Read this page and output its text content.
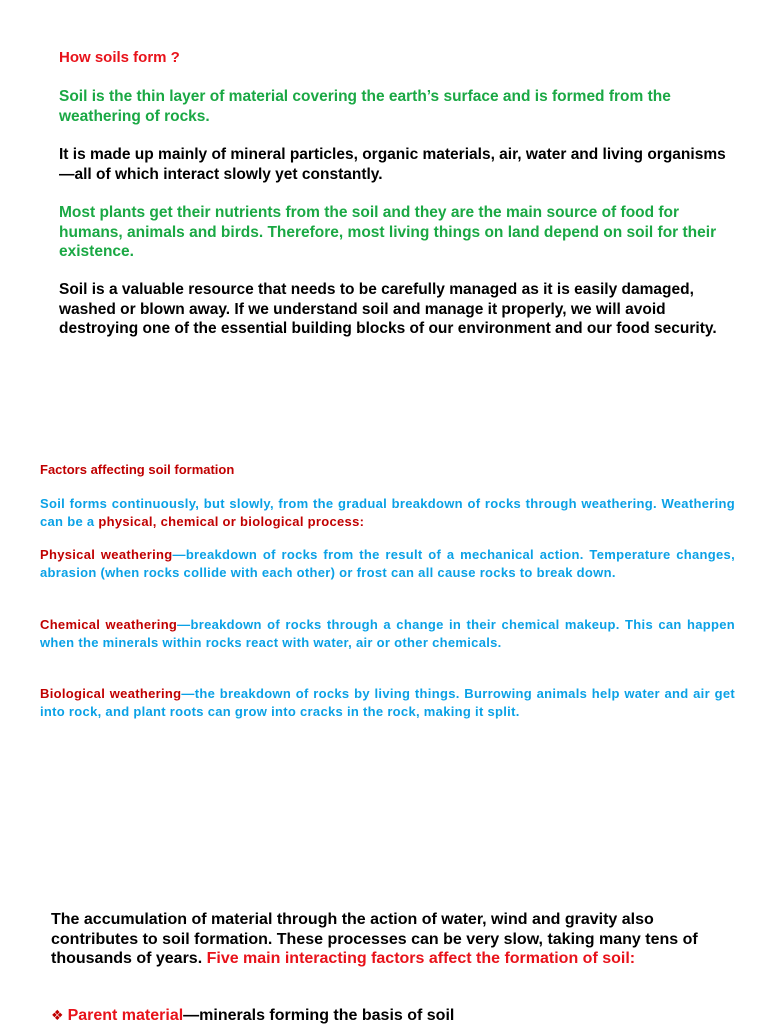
How soils form ?

Soil is the thin layer of material covering the earth’s surface and is formed from the weathering of rocks.

It is made up mainly of mineral particles, organic materials, air, water and living organisms—all of which interact slowly yet constantly.

Most plants get their nutrients from the soil and they are the main source of food for humans, animals and birds. Therefore, most living things on land depend on soil for their existence.

Soil is a valuable resource that needs to be carefully managed as it is easily damaged, washed or blown away. If we understand soil and manage it properly, we will avoid destroying one of the essential building blocks of our environment and our food security.

Factors affecting soil formation

Soil forms continuously, but slowly, from the gradual breakdown of rocks through weathering. Weathering can be a physical, chemical or biological process:

Physical weathering—breakdown of rocks from the result of a mechanical action. Temperature changes, abrasion (when rocks collide with each other) or frost can all cause rocks to break down.

Chemical weathering—breakdown of rocks through a change in their chemical makeup. This can happen when the minerals within rocks react with water, air or other chemicals.

Biological weathering—the breakdown of rocks by living things. Burrowing animals help water and air get into rock, and plant roots can grow into cracks in the rock, making it split.

The accumulation of material through the action of water, wind and gravity also contributes to soil formation. These processes can be very slow, taking many tens of thousands of years. Five main interacting factors affect the formation of soil:

❖ Parent material—minerals forming the basis of soil
